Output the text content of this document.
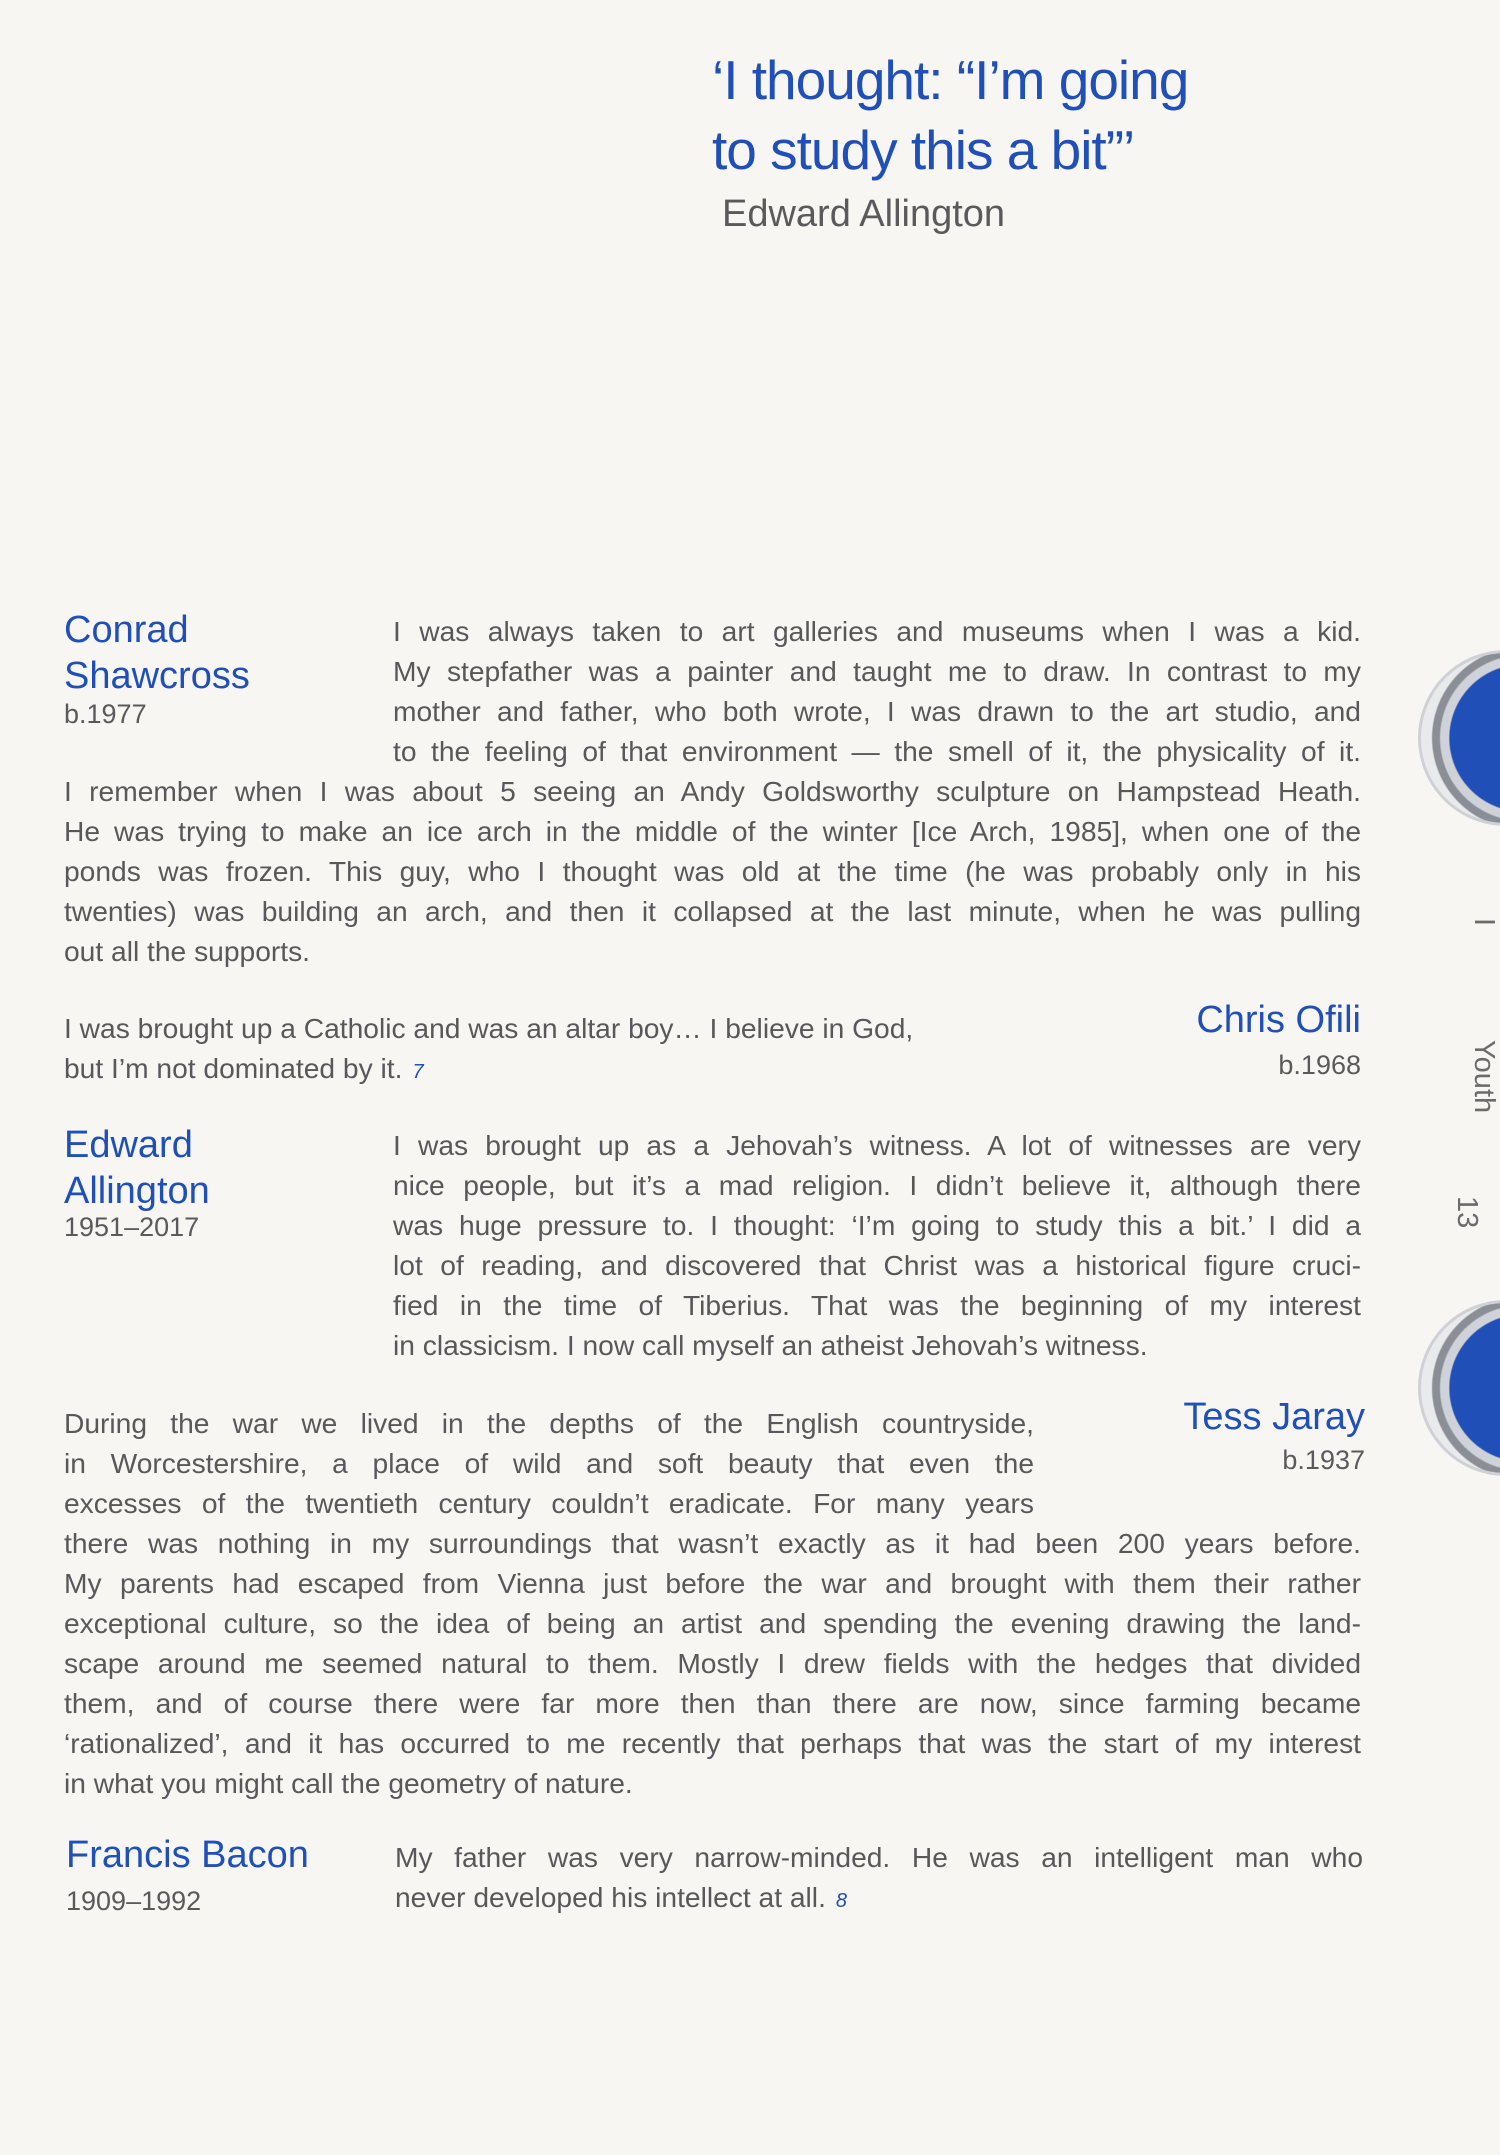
‘I thought: “I’m going
to study this a bit”’
Edward Allington
Conrad
Shawcross
b.1977
I was always taken to art galleries and museums when I was a kid.
My stepfather was a painter and taught me to draw. In contrast to my
mother and father, who both wrote, I was drawn to the art studio, and
to the feeling of that environment — the smell of it, the physicality of it.
I remember when I was about 5 seeing an Andy Goldsworthy sculpture on Hampstead Heath.
He was trying to make an ice arch in the middle of the winter [Ice Arch, 1985], when one of the
ponds was frozen. This guy, who I thought was old at the time (he was probably only in his
twenties) was building an arch, and then it collapsed at the last minute, when he was pulling
out all the supports.
I was brought up a Catholic and was an altar boy… I believe in God,
but I’m not dominated by it. 7
Chris Ofili
b.1968
Edward
Allington
1951–2017
I was brought up as a Jehovah’s witness. A lot of witnesses are very
nice people, but it’s a mad religion. I didn’t believe it, although there
was huge pressure to. I thought: ‘I’m going to study this a bit.’ I did a
lot of reading, and discovered that Christ was a historical figure cruci-
fied in the time of Tiberius. That was the beginning of my interest
in classicism. I now call myself an atheist Jehovah’s witness.
During the war we lived in the depths of the English countryside,
in Worcestershire, a place of wild and soft beauty that even the
excesses of the twentieth century couldn’t eradicate. For many years
there was nothing in my surroundings that wasn’t exactly as it had been 200 years before.
My parents had escaped from Vienna just before the war and brought with them their rather
exceptional culture, so the idea of being an artist and spending the evening drawing the land-
scape around me seemed natural to them. Mostly I drew fields with the hedges that divided
them, and of course there were far more then than there are now, since farming became
‘rationalized’, and it has occurred to me recently that perhaps that was the start of my interest
in what you might call the geometry of nature.
Tess Jaray
b.1937
Francis Bacon
1909–1992
My father was very narrow-minded. He was an intelligent man who
never developed his intellect at all. 8
I
Youth
13
